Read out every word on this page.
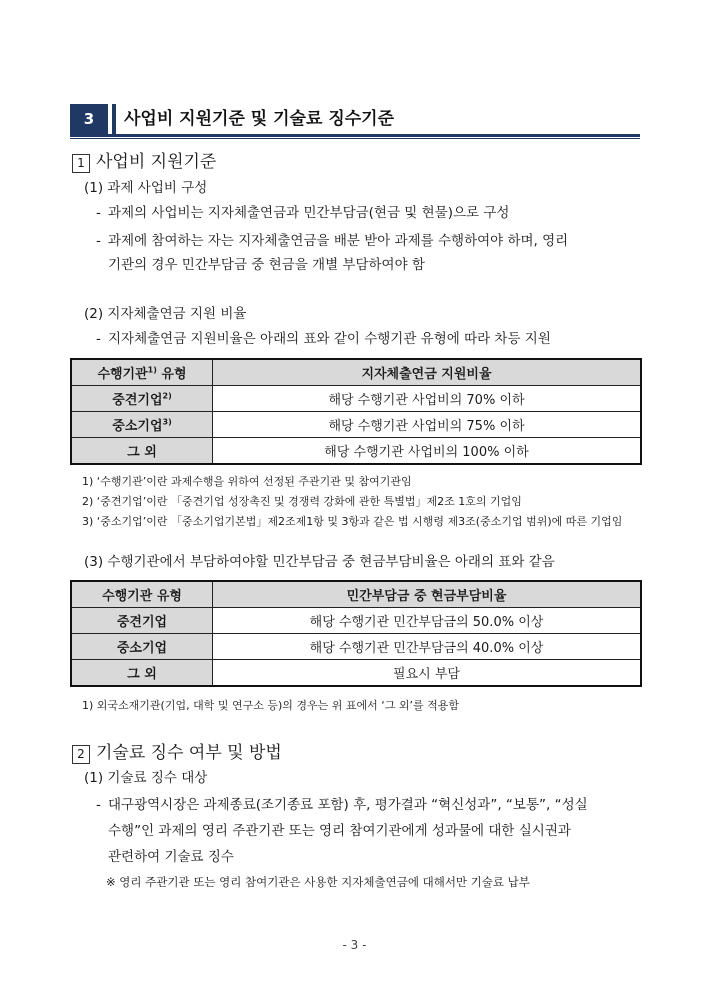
3	사업비 지원기준 및 기술료 징수기준
1 사업비 지원기준
(1) 과제 사업비 구성
- 과제의 사업비는 지자체출연금과 민간부담금(현금 및 현물)으로 구성
- 과제에 참여하는 자는 지자체출연금을 배분 받아 과제를 수행하여야 하며, 영리
기관의 경우 민간부담금 중 현금을 개별 부담하여야 함
(2) 지자체출연금 지원 비율
- 지자체출연금 지원비율은 아래의 표와 같이 수행기관 유형에 따라 차등 지원
수행기관$^{1)}$ 유형	지자체출연금 지원비율
중견기업$^{2)}$	해당 수행기관 사업비의 70% 이하
중소기업$^{3)}$	해당 수행기관 사업비의 75% 이하
그 외	해당 수행기관 사업비의 100% 이하
1) ‘수행기관’이란 과제수행을 위하여 선정된 주관기관 및 참여기관임
2) ‘중견기업’이란 「중견기업 성장촉진 및 경쟁력 강화에 관한 특별법」제2조 1호의 기업임
3) ‘중소기업’이란 「중소기업기본법」제2조제1항 및 3항과 같은 법 시행령 제3조(중소기업 범위)에 따른 기업임
(3) 수행기관에서 부담하여야할 민간부담금 중 현금부담비율은 아래의 표와 같음
수행기관 유형	민간부담금 중 현금부담비율
중견기업	해당 수행기관 민간부담금의 50.0% 이상
중소기업	해당 수행기관 민간부담금의 40.0% 이상
그 외	필요시 부담
1) 외국소재기관(기업, 대학 및 연구소 등)의 경우는 위 표에서 ‘그 외’를 적용함
2 기술료 징수 여부 및 방법
(1) 기술료 징수 대상
- 대구광역시장은 과제종료(조기종료 포함) 후, 평가결과 “혁신성과”, “보통”, “성실
수행”인 과제의 영리 주관기관 또는 영리 참여기관에게 성과물에 대한 실시권과
관련하여 기술료 징수
※ 영리 주관기관 또는 영리 참여기관은 사용한 지자체출연금에 대해서만 기술료 납부
- 3 -
